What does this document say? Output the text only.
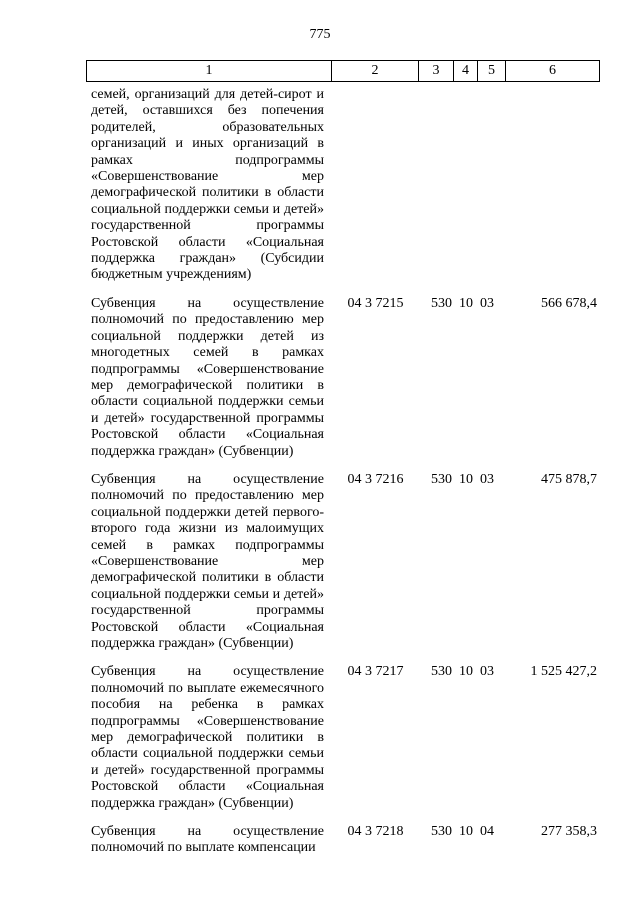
775
1	2	3	4	5	6
семей, организаций для детей-сирот и детей, оставшихся без попечения родителей, образовательных организаций и иных организаций в рамках подпрограммы «Совершенствование мер демографической политики в области социальной поддержки семьи и детей» государственной программы Ростовской области «Социальная поддержка граждан» (Субсидии бюджетным учреждениям)
Субвенция на осуществление полномочий по предоставлению мер социальной поддержки детей из многодетных семей в рамках подпрограммы «Совершенствование мер демографической политики в области социальной поддержки семьи и детей» государственной программы Ростовской области «Социальная поддержка граждан» (Субвенции)
04 3 7215	530 10 03	566 678,4
Субвенция на осуществление полномочий по предоставлению мер социальной поддержки детей первого-второго года жизни из малоимущих семей в рамках подпрограммы «Совершенствование мер демографической политики в области социальной поддержки семьи и детей» государственной программы Ростовской области «Социальная поддержка граждан» (Субвенции)
04 3 7216	530 10 03	475 878,7
Субвенция на осуществление полномочий по выплате ежемесячного пособия на ребенка в рамках подпрограммы «Совершенствование мер демографической политики в области социальной поддержки семьи и детей» государственной программы Ростовской области «Социальная поддержка граждан» (Субвенции)
04 3 7217	530 10 03	1 525 427,2
Субвенция на осуществление полномочий по выплате компенсации
04 3 7218	530 10 04	277 358,3
